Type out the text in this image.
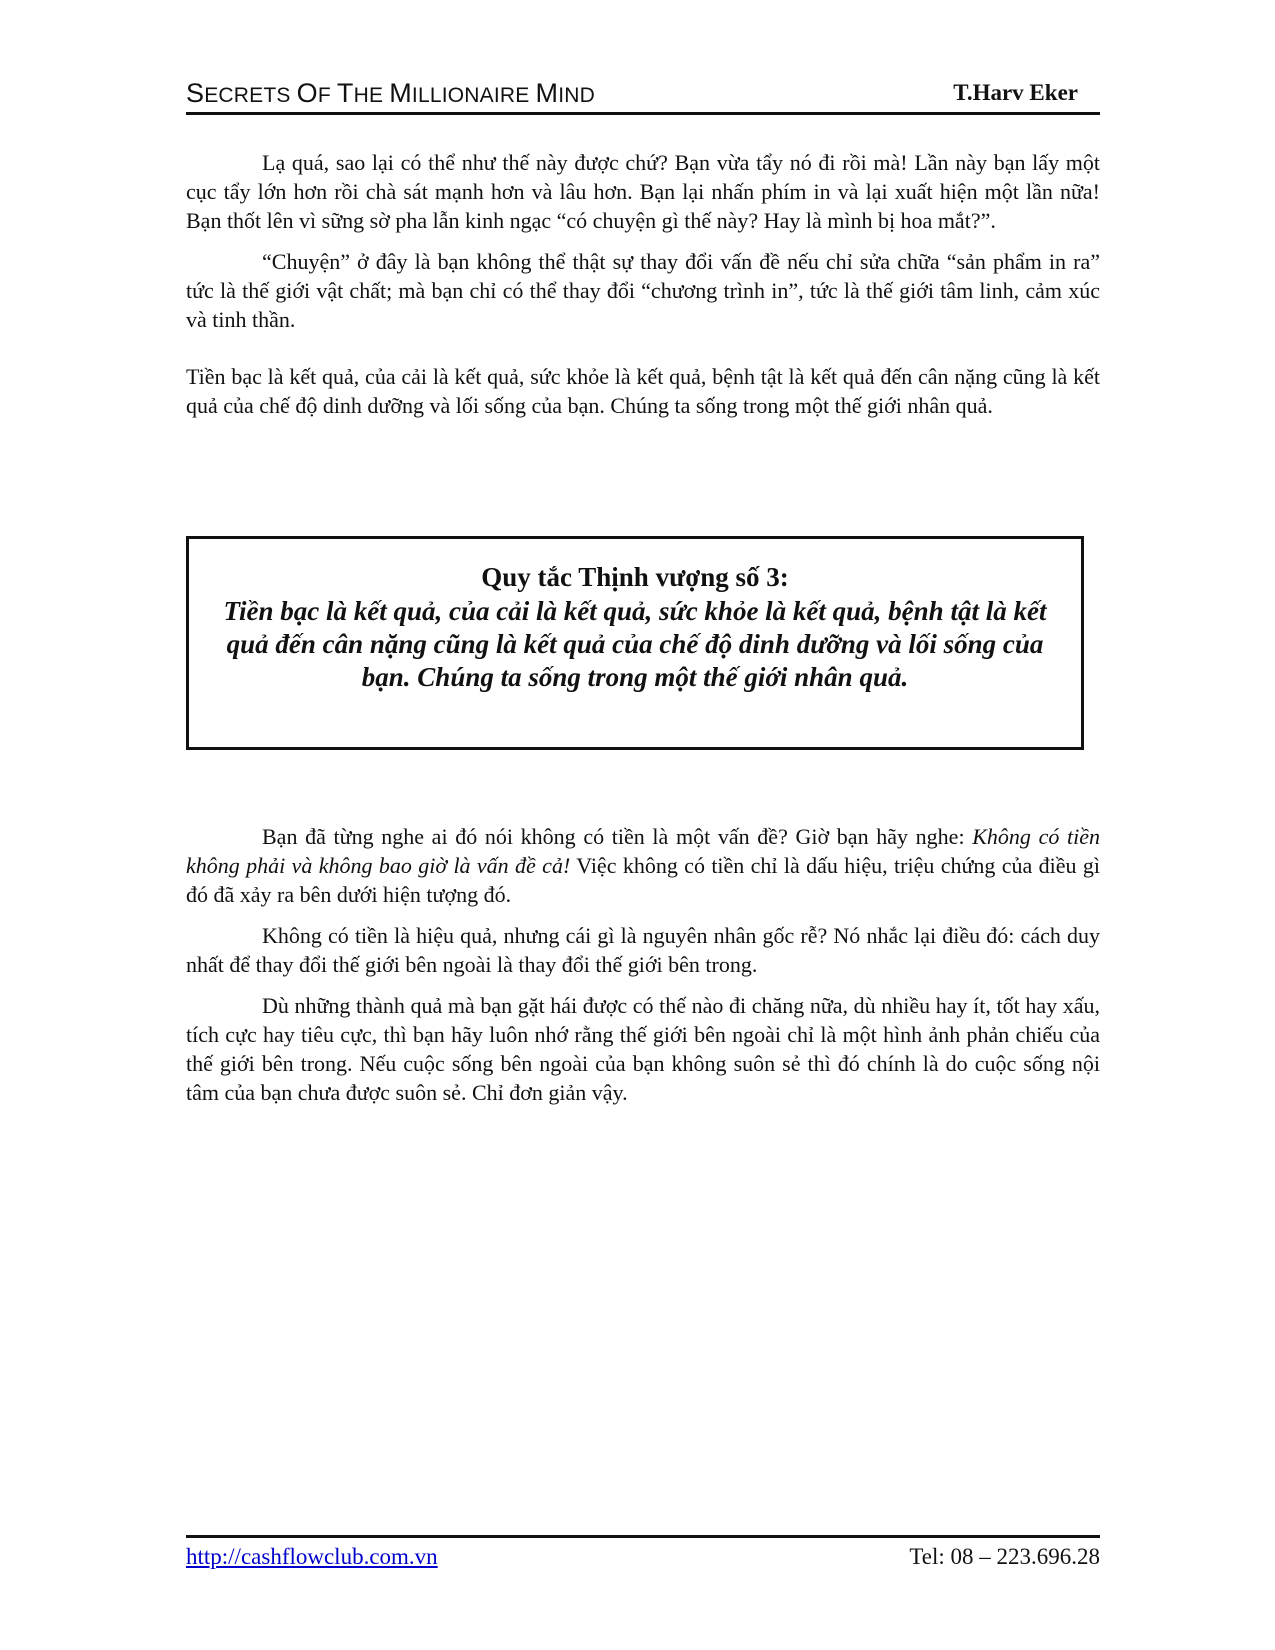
SECRETS OF THE MILLIONAIRE MIND	T.Harv Eker

Lạ quá, sao lại có thể như thế này được chứ? Bạn vừa tẩy nó đi rồi mà! Lần này bạn lấy một cục tẩy lớn hơn rồi chà sát mạnh hơn và lâu hơn. Bạn lại nhấn phím in và lại xuất hiện một lần nữa! Bạn thốt lên vì sững sờ pha lẫn kinh ngạc “có chuyện gì thế này? Hay là mình bị hoa mắt?”.

“Chuyện” ở đây là bạn không thể thật sự thay đổi vấn đề nếu chỉ sửa chữa “sản phẩm in ra” tức là thế giới vật chất; mà bạn chỉ có thể thay đổi “chương trình in”, tức là thế giới tâm linh, cảm xúc và tinh thần.

Tiền bạc là kết quả, của cải là kết quả, sức khỏe là kết quả, bệnh tật là kết quả đến cân nặng cũng là kết quả của chế độ dinh dưỡng và lối sống của bạn. Chúng ta sống trong một thế giới nhân quả.

Quy tắc Thịnh vượng số 3:
Tiền bạc là kết quả, của cải là kết quả, sức khỏe là kết quả, bệnh tật là kết quả đến cân nặng cũng là kết quả của chế độ dinh dưỡng và lối sống của bạn. Chúng ta sống trong một thế giới nhân quả.

Bạn đã từng nghe ai đó nói không có tiền là một vấn đề? Giờ bạn hãy nghe: Không có tiền không phải và không bao giờ là vấn đề cả! Việc không có tiền chỉ là dấu hiệu, triệu chứng của điều gì đó đã xảy ra bên dưới hiện tượng đó.

Không có tiền là hiệu quả, nhưng cái gì là nguyên nhân gốc rễ? Nó nhắc lại điều đó: cách duy nhất để thay đổi thế giới bên ngoài là thay đổi thế giới bên trong.

Dù những thành quả mà bạn gặt hái được có thế nào đi chăng nữa, dù nhiều hay ít, tốt hay xấu, tích cực hay tiêu cực, thì bạn hãy luôn nhớ rằng thế giới bên ngoài chỉ là một hình ảnh phản chiếu của thế giới bên trong. Nếu cuộc sống bên ngoài của bạn không suôn sẻ thì đó chính là do cuộc sống nội tâm của bạn chưa được suôn sẻ. Chỉ đơn giản vậy.

http://cashflowclub.com.vn	Tel: 08 – 223.696.28
